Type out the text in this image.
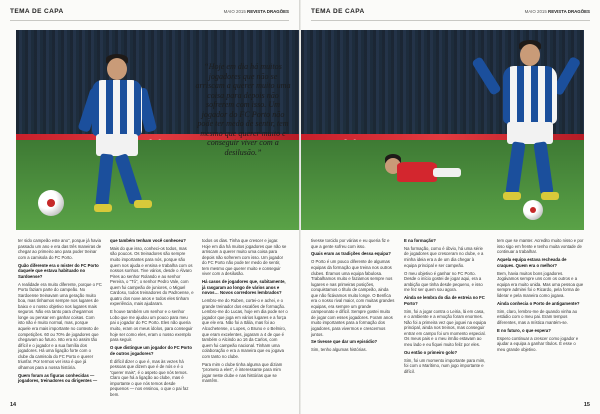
TEMA DE CAPA	MAIO 2015 REVISTA DRAGÕES
“Hoje em dia há muitos jogadores que não se arriscam a querer muito uma coisa para depois não sofrerem com isso. Um jogador do FC Porto não pode ter medo de sentir, tem mesmo que querer muito e conseguir viver com a desilusão.”

ter sido campeão este ano”, porque já havia passado um ano e era das três maneiras de chegar ao primeiro ano para poder treinar com a camisola do FC Porto.

Quão diferente era o mister do FC Porto daquele que estava habituado no Sardoense?

A realidade era muito diferente, porque o FC Porto faziam parte do campeão. No Sardoense treinavam uma geração muito boa, mas tínhamos sempre nos lugares de baixo e o nosso objetivo nos lugares mais seguros. Não era tanto para chegarmos longe ou pensar em ganhar coisas. Com isto não é muito normal, mas, porque aquele era mais importante no contexto de competições. 60 ou 70% de jogadores que chegavam ao futuro. Isto era só assim tão difícil e o jogador e a sua família dos jogadores. Há uma ligação forte com o clube da camisola do FC Porto e querer triunfar. Por termos ver isso é que já olhamos para a nossa história.

Quem foram as figuras conhecidas — jogadores, treinadores ou dirigentes —

que também tenham você conheceu?

Mais do que isso, conheci-os todos, mas são poucos. Os treinadores são sempre muito importantes para nós, porque são quem nos ajuda e ensina e trabalha com os nossos sonhos. Tive vários, desde o Álvaro Pires ao senhor Rolando e ao senhor Pereira, o “Tó”, o senhor Pedro Vale, com quem fui campeão de juniores, o Miguel Cardoso, todos treinadores do Padroense, e quatro dos nove anos e todos eles tinham experiência, mais ajudaram.

E houve também um senhor e o senhor Lobo que me ajudou um pouco para meu pai o jogador do FC Porto. Eles não queria muito, eram os meus ídolos, para conseguir hoje ser como eles, eram o nosso exemplo para seguir.

O que distingue um jogador do FC Porto de outros jogadores?

É difícil dizer o que é, mas às vezes há pessoas que dizem que é de nós e é o “querer mais”, é o aspeto que nós temos. Claro que há a ligação ao clube, mas é importante o que nós temos desde pequenos — nos ensinou, o que o pai faz bem.

todos os dias. Tinha que crescer e jogar. Hoje em dia há muitos jogadores que não se arriscam a querer muito uma coisa para depois não sofrerem com isso. Um jogador do FC Porto não pode ter medo de sentir, tem mesmo que querer muito e conseguir viver com a desilusão.

Há casos de jogadores que, subitamente, já rasgaram ao longo de vários anos e novos… Novos corredores lembrados?

Lembro-me do Ruben, cortei-o e achei, e o grande treinador dos escalões de formação. Lembro-me do Lucas, hoje em dia pode ser o jogador que joga em vários lugares e a força que ele era. Não foi a Itália, mas foi ao Alcochetense, o Lopes, o Bruno e o Belmiro, que eram excelentes, jogaram a 4 de que é também o Alcindo ao 16 da Carlos, com quem fui campeão nacional. Tinham uma colaboração e era a maneira que eu jogava com tanto no clube.

Para mim o clube tinha alguma que diziam “prometo a eles”, é interessante para mim jogar neste clube e nas histórias que se mantêm.

14
TEMA DE CAPA	MAIO 2015 REVISTA DRAGÕES

tivesse torcido por várias e eu queria fiz e que a gente sofreu com isso.

Quais eram as tradições dessa equipa?

O Porto é um pouco diferente de algumas equipas da formação que treina nos outros clubes. Éramos uma equipa fabulosa. Trabalhamos muito e faziamos sempre nos lugares e nas primeiras posições, conquistamos o título de campeão, ainda que não ficávamos muito longe. O Benfica era o nosso rival maior, com muitas grandes equipas, era sempre um grande campeonato e difícil. Sempre gostei muito de jogar com esses jogadores. Foram anos muito importantes para a formação dos jogadores, para vivermos e crescermos juntos.

Se tivesse que dar um episódio?

Sim, tenho algumas histórias.

E na formação?

Na formação, como é óbvio, há uma série de jogadores que cresceram no clube, e a minha ideia era a de um dia chegar à equipa principal e ser campeão.

O meu objetivo é ganhar no FC Porto. Desde o início gostei de jogar aqui, era a ambição que tinha desde pequeno, e isso me fez ser quem sou agora.

Ainda se lembra do dia de estreia no FC Porto?

Sim, foi a jogar contra o Leiria, lá em casa, e o ambiente e a emoção foram enormes. Não foi a primeira vez que joguei na equipa principal, ainda nos treinos, mas conseguir entrar em campo foi um momento especial. Os meus pais e o meu irmão estavam ao meu lado e eu fiquei muito feliz por eles.

Ou então o primeiro golo?

Sim, foi um momento importante para mim, foi com o Marítimo, num jogo importante e difícil.

tem que se manter. Acredito muito nisso e por isso sigo em frente e tenho muita vontade de continuar a trabalhar.

Aquela equipa estava recheada de craques. Quem era o melhor?

Bem, havia muitos bons jogadores. Jogávamos sempre uns com os outros e a equipa era muito unida. Mas uma pessoa que sempre admirei foi o Ricardo, pela forma de liderar e pela maneira como jogava.

Ainda conhecia o Porto de antigamente?

Sim, claro, lembro-me de quando vinha ao estádio com o meu pai. Eram tempos diferentes, mas a mística mantém-se.

E no futuro, o que espera?

Espero continuar a crescer como jogador e ajudar a equipa a ganhar títulos. É esse o meu grande objetivo.

15
